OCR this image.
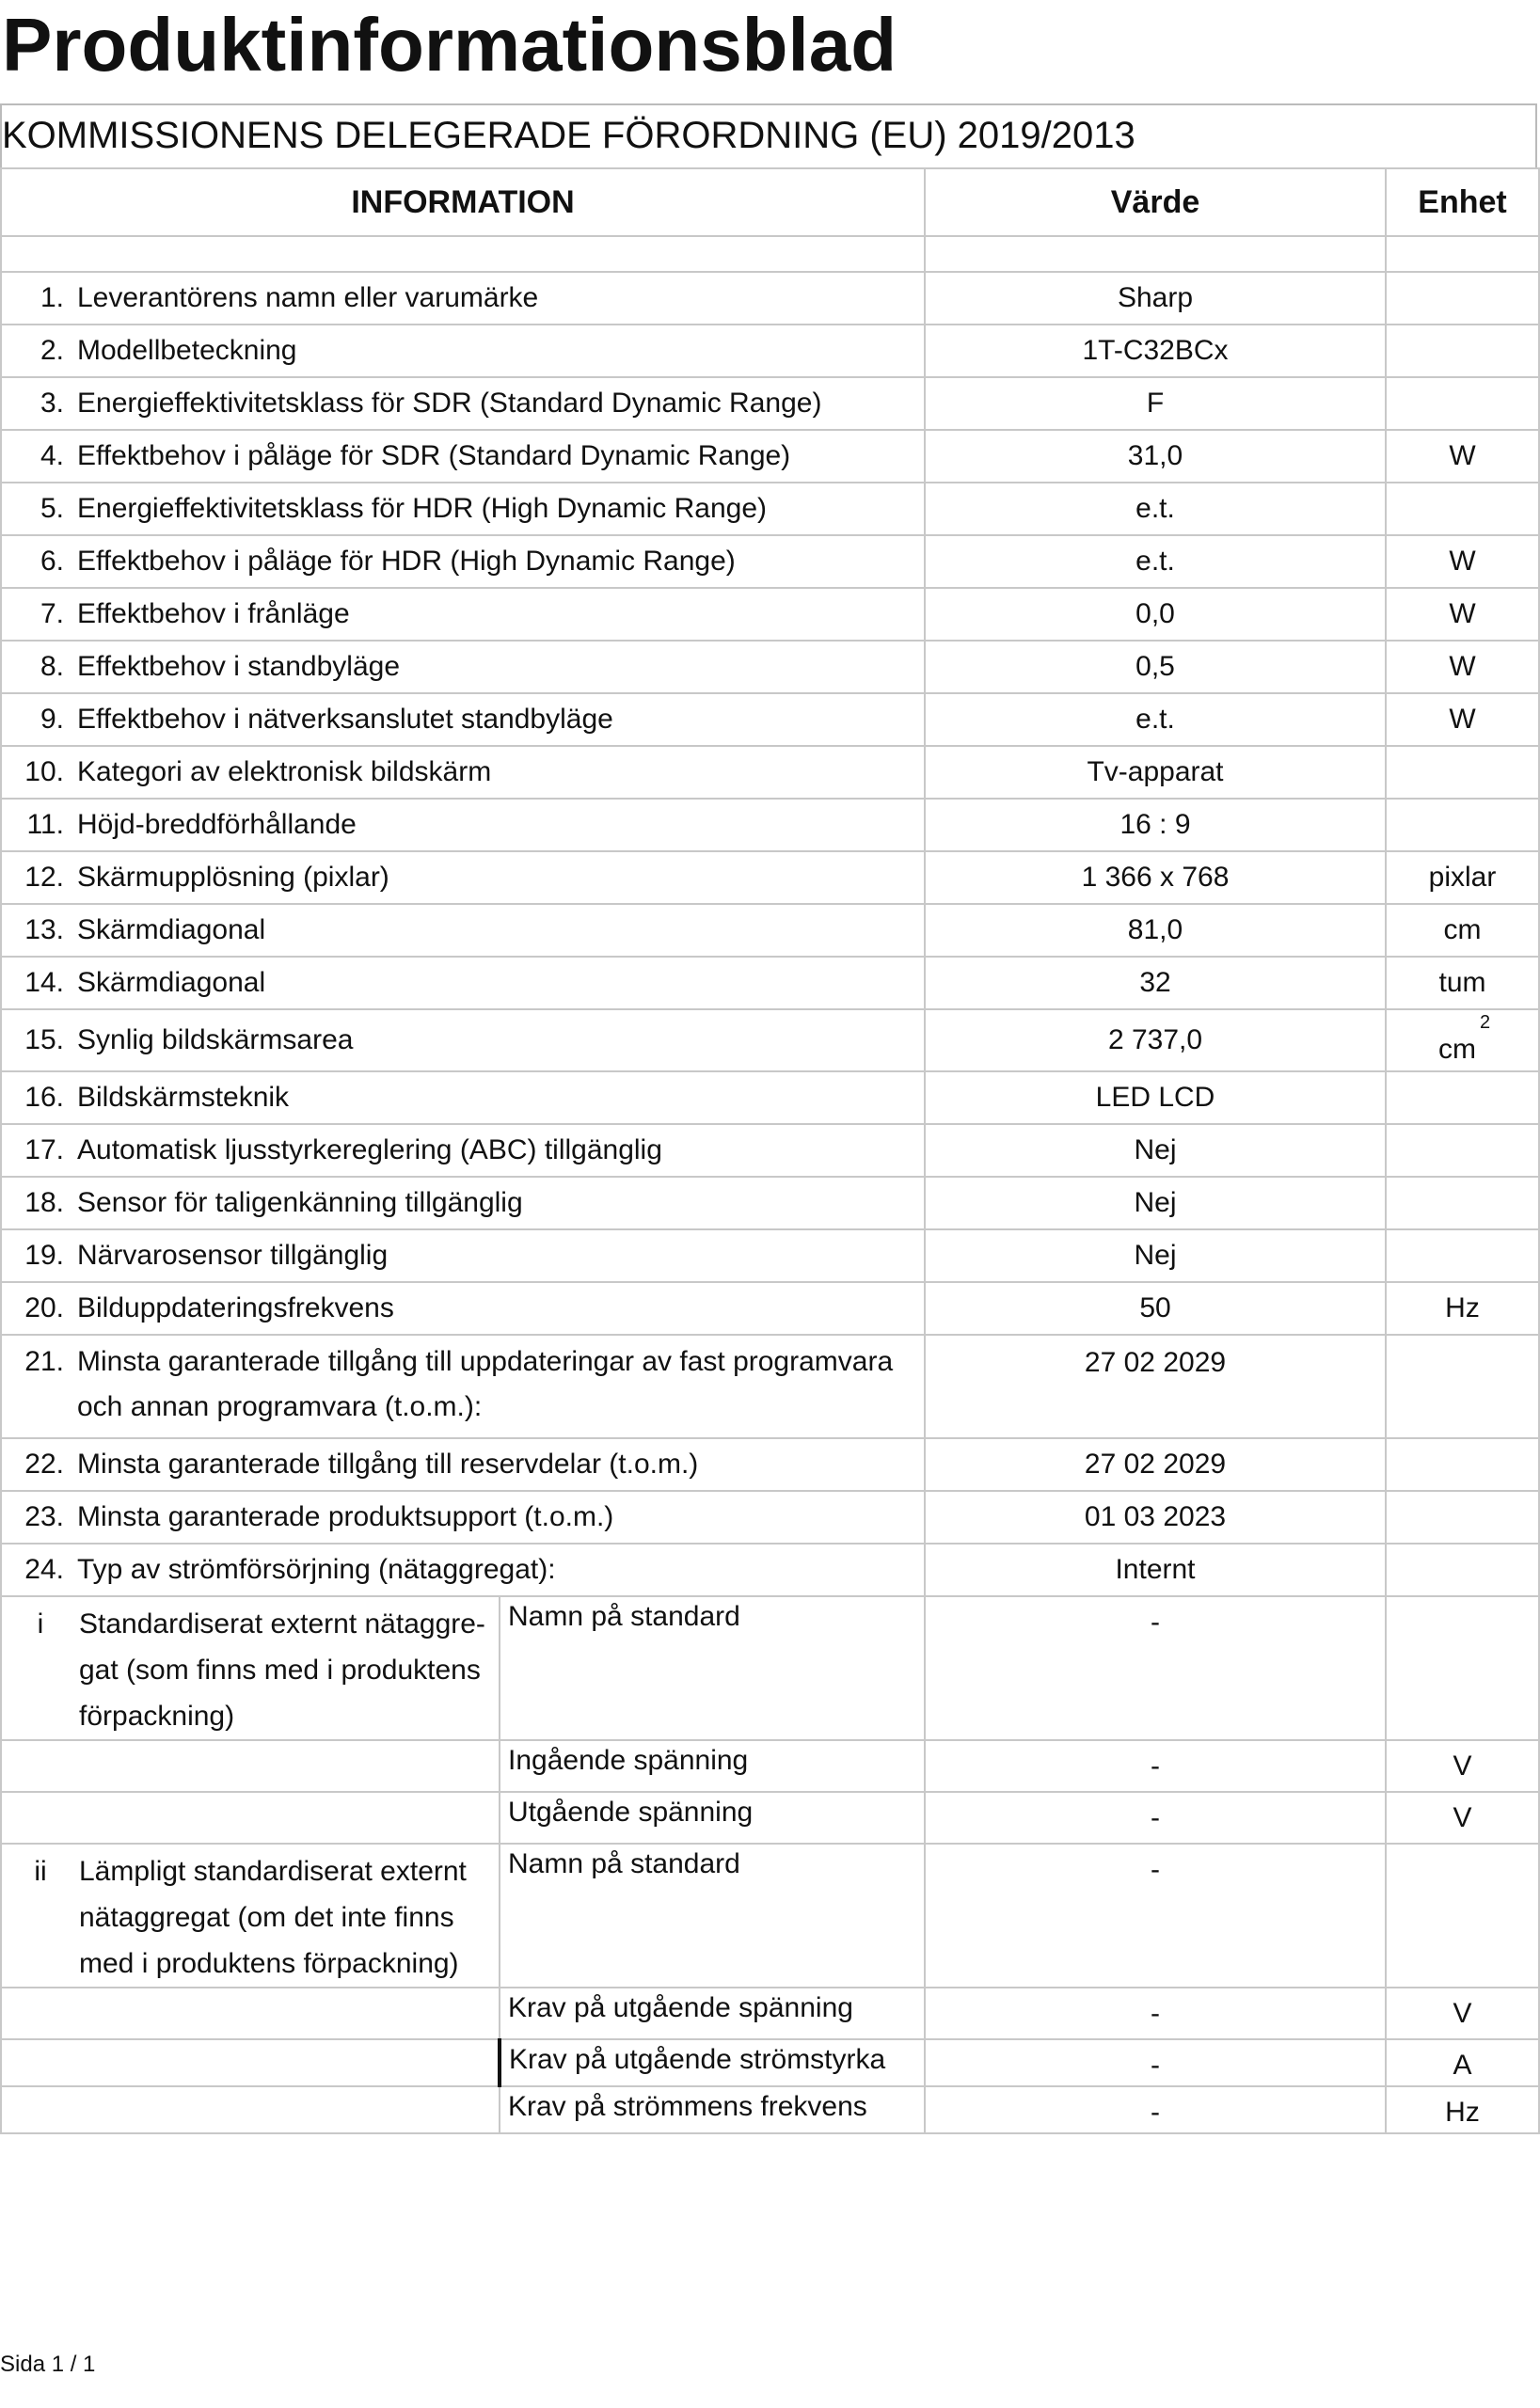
Produktinformationsblad
KOMMISSIONENS DELEGERADE FÖRORDNING (EU) 2019/2013
INFORMATION		Värde	Enhet

1. Leverantörens namn eller varumärke		Sharp	
2. Modellbeteckning		1T-C32BCx	
3. Energieffektivitetsklass för SDR (Standard Dynamic Range)		F	
4. Effektbehov i påläge för SDR (Standard Dynamic Range)		31,0	W
5. Energieffektivitetsklass för HDR (High Dynamic Range)		e.t.	
6. Effektbehov i påläge för HDR (High Dynamic Range)		e.t.	W
7. Effektbehov i frånläge		0,0	W
8. Effektbehov i standbyläge		0,5	W
9. Effektbehov i nätverksanslutet standbyläge		e.t.	W
10. Kategori av elektronisk bildskärm		Tv-apparat	
11. Höjd-breddförhållande		16 : 9	
12. Skärmupplösning (pixlar)		1 366 x 768	pixlar
13. Skärmdiagonal		81,0	cm
14. Skärmdiagonal		32	tum
15. Synlig bildskärmsarea		2 737,0	$cm^2$
16. Bildskärmsteknik		LED LCD	
17. Automatisk ljusstyrkereglering (ABC) tillgänglig		Nej	
18. Sensor för taligenkänning tillgänglig		Nej	
19. Närvarosensor tillgänglig		Nej	
20. Bilduppdateringsfrekvens		50	Hz
21. Minsta garanterade tillgång till uppdateringar av fast programvara och annan programvara (t.o.m.):		27 02 2029	
22. Minsta garanterade tillgång till reservdelar (t.o.m.)		27 02 2029	
23. Minsta garanterade produktsupport (t.o.m.)		01 03 2023	
24. Typ av strömförsörjning (nätaggregat):		Internt	
i Standardiserat externt nätaggre-gat (som finns med i produktens förpackning)	Namn på standard	-	
	Ingående spänning	-	V
	Utgående spänning	-	V
ii Lämpligt standardiserat externt nätaggregat (om det inte finns med i produktens förpackning)	Namn på standard	-	
	Krav på utgående spänning	-	V
	Krav på utgående strömstyrka	-	A
	Krav på strömmens frekvens	-	Hz
Sida 1 / 1
